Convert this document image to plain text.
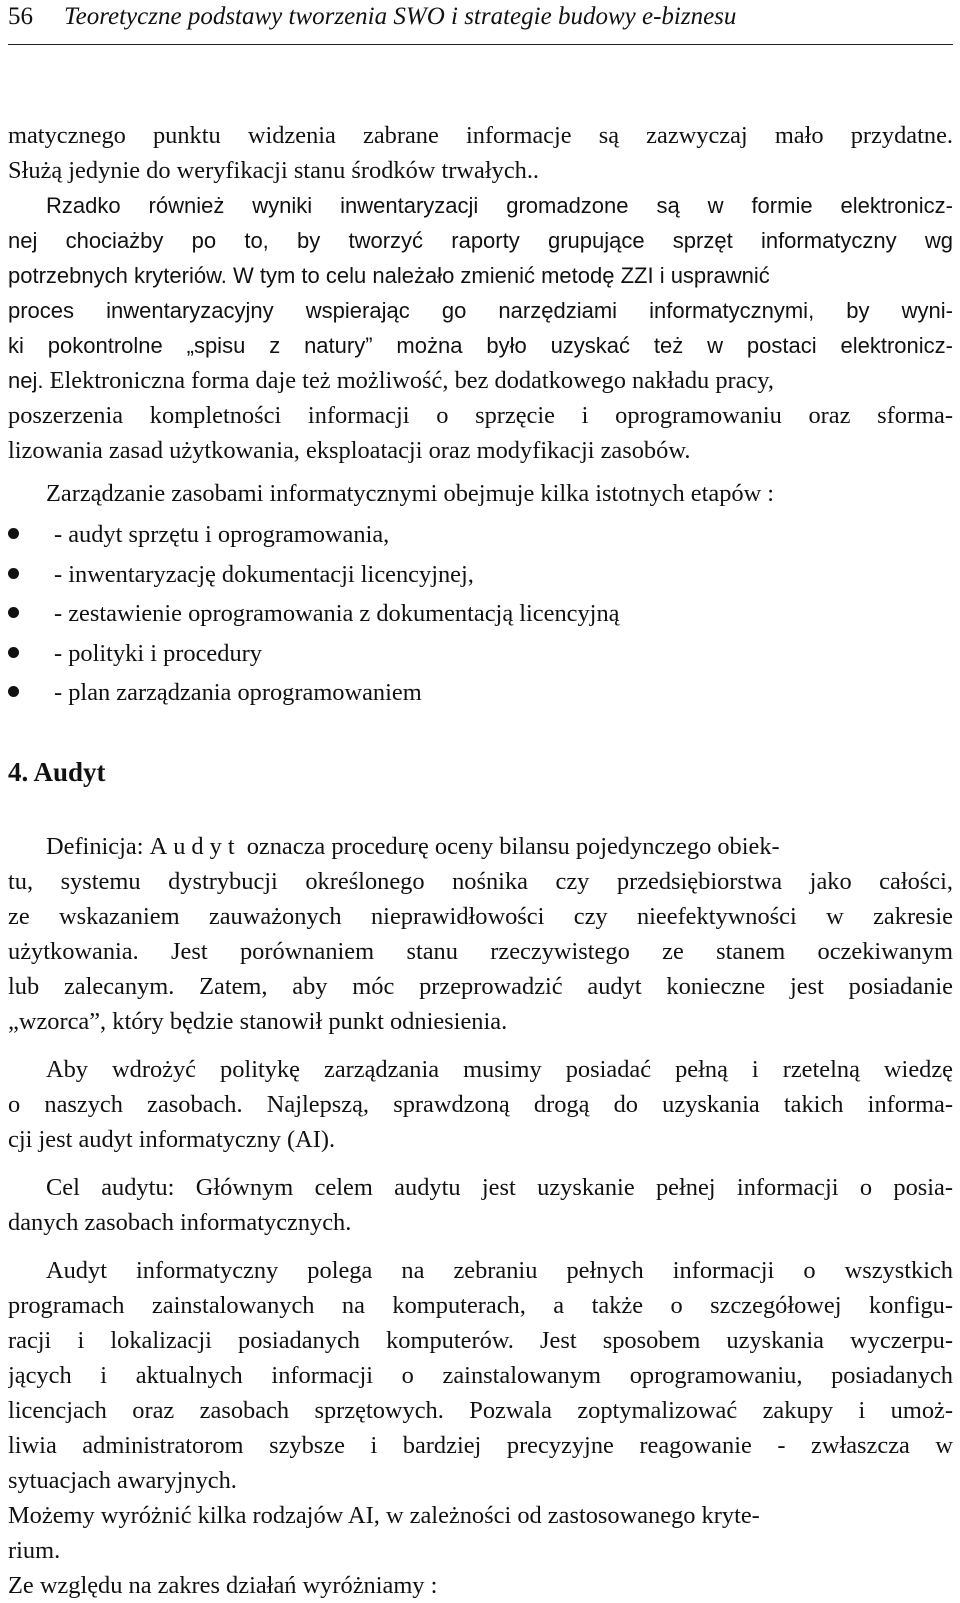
56	Teoretyczne podstawy tworzenia SWO i strategie budowy e-biznesu

matycznego punktu widzenia zabrane informacje są zazwyczaj mało przydatne.
Służą jedynie do weryfikacji stanu środków trwałych..

Rzadko również wyniki inwentaryzacji gromadzone są w formie elektronicz-
nej chociażby po to, by tworzyć raporty grupujące sprzęt informatyczny wg
potrzebnych kryteriów. W tym to celu należało zmienić metodę ZZI i usprawnić
proces inwentaryzacyjny wspierając go narzędziami informatycznymi, by wyni-
ki pokontrolne „spisu z natury” można było uzyskać też w postaci elektronicz-
nej. Elektroniczna forma daje też możliwość, bez dodatkowego nakładu pracy,
poszerzenia kompletności informacji o sprzęcie i oprogramowaniu oraz sforma-
lizowania zasad użytkowania, eksploatacji oraz modyfikacji zasobów.

Zarządzanie zasobami informatycznymi obejmuje kilka istotnych etapów :

- audyt sprzętu i oprogramowania,
- inwentaryzację dokumentacji licencyjnej,
- zestawienie oprogramowania z dokumentacją licencyjną
- polityki i procedury
- plan zarządzania oprogramowaniem
4. Audyt

Definicja: Audyt oznacza procedurę oceny bilansu pojedynczego obiek-
tu, systemu dystrybucji określonego nośnika czy przedsiębiorstwa jako całości,
ze wskazaniem zauważonych nieprawidłowości czy nieefektywności w zakresie
użytkowania. Jest porównaniem stanu rzeczywistego ze stanem oczekiwanym
lub zalecanym. Zatem, aby móc przeprowadzić audyt konieczne jest posiadanie
„wzorca”, który będzie stanowił punkt odniesienia.

Aby wdrożyć politykę zarządzania musimy posiadać pełną i rzetelną wiedzę
o naszych zasobach. Najlepszą, sprawdzoną drogą do uzyskania takich informa-
cji jest audyt informatyczny (AI).

Cel audytu: Głównym celem audytu jest uzyskanie pełnej informacji o posia-
danych zasobach informatycznych.

Audyt informatyczny polega na zebraniu pełnych informacji o wszystkich
programach zainstalowanych na komputerach, a także o szczegółowej konfigu-
racji i lokalizacji posiadanych komputerów. Jest sposobem uzyskania wyczerpu-
jących i aktualnych informacji o zainstalowanym oprogramowaniu, posiadanych
licencjach oraz zasobach sprzętowych. Pozwala zoptymalizować zakupy i umoż-
liwia administratorom szybsze i bardziej precyzyjne reagowanie - zwłaszcza w
sytuacjach awaryjnych.

Możemy wyróżnić kilka rodzajów AI, w zależności od zastosowanego kryte-
rium.

Ze względu na zakres działań wyróżniamy :
